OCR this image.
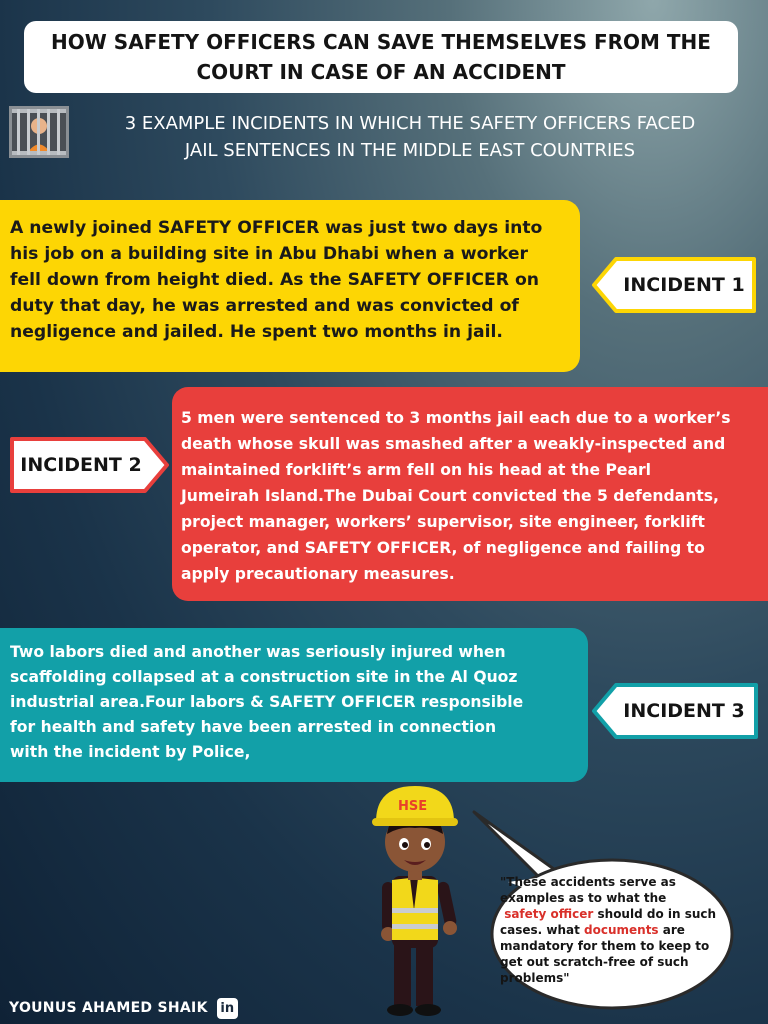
HOW SAFETY OFFICERS CAN SAVE THEMSELVES FROM THE
COURT IN CASE OF AN ACCIDENT
3 EXAMPLE INCIDENTS IN WHICH THE SAFETY OFFICERS FACED
JAIL SENTENCES IN THE MIDDLE EAST COUNTRIES

A newly joined SAFETY OFFICER was just two days into

his job on a building site in Abu Dhabi when a worker

fell down from height died. As the SAFETY OFFICER on

duty that day, he was arrested and was convicted of

negligence and jailed. He spent two months in jail.

INCIDENT 1
INCIDENT 2

5 men were sentenced to 3 months jail each due to a worker’s

death whose skull was smashed after a weakly-inspected and

maintained forklift’s arm fell on his head at the Pearl

Jumeirah Island.The Dubai Court convicted the 5 defendants,

project manager, workers’ supervisor, site engineer, forklift

operator, and SAFETY OFFICER, of negligence and failing to

apply precautionary measures.

Two labors died and another was seriously injured when

scaffolding collapsed at a construction site in the Al Quoz

industrial area.Four labors & SAFETY OFFICER responsible

for health and safety have been arrested in connection

with the incident by Police,

INCIDENT 3
HSE
"These accidents serve as
examples as to what the
safety officer should do in such
cases. what documents are
mandatory for them to keep to
get out scratch-free of such
problems"
YOUNUS AHAMED SHAIK in
